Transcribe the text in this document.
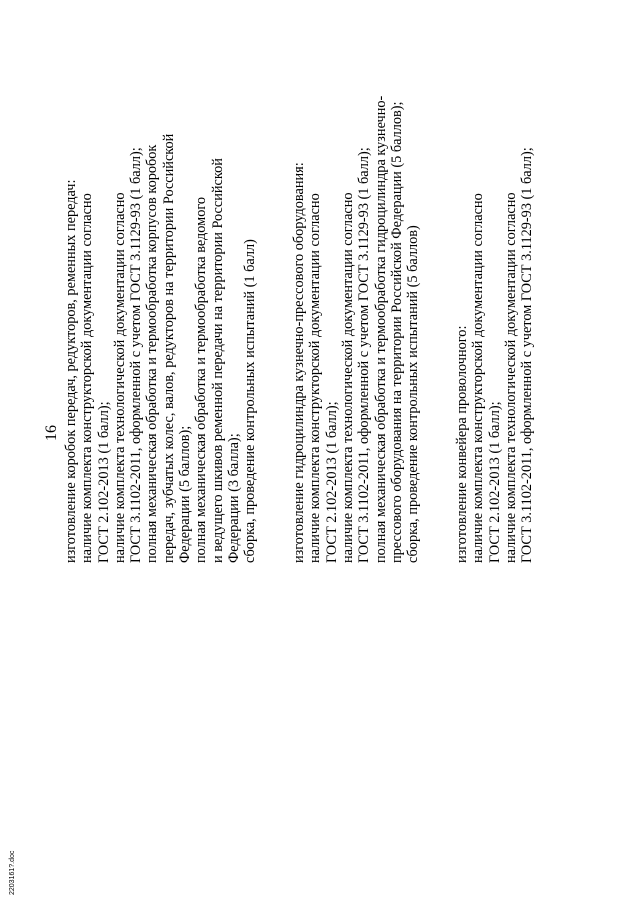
16 изготовление коробок передач, редукторов, ременных передач: наличие комплекта конструкторской документации согласно ГОСТ 2.102-2013 (1 балл); наличие комплекта технологической документации согласно ГОСТ 3.1102-2011, оформленной с учетом ГОСТ 3.1129-93 (1 балл); полная механическая обработка и термообработка корпусов коробок передач, зубчатых колес, валов, редукторов на территории Российской Федерации (5 баллов); полная механическая обработка и термообработка ведомого и ведущего шкивов ременной передачи на территории Российской Федерации (3 балла); сборка, проведение контрольных испытаний (1 балл) изготовление гидроцилиндра кузнечно-прессового оборудования: наличие комплекта конструкторской документации согласно ГОСТ 2.102-2013 (1 балл); наличие комплекта технологической документации согласно ГОСТ 3.1102-2011, оформленной с учетом ГОСТ 3.1129-93 (1 балл); полная механическая обработка и термообработка гидроцилиндра кузнечно- прессового оборудования на территории Российской Федерации (5 баллов); сборка, проведение контрольных испытаний (5 баллов) изготовление конвейера проволочного: наличие комплекта конструкторской документации согласно ГОСТ 2.102-2013 (1 балл); наличие комплекта технологической документации согласно ГОСТ 3.1102-2011, оформленной с учетом ГОСТ 3.1129-93 (1 балл);
2203161?.doc
